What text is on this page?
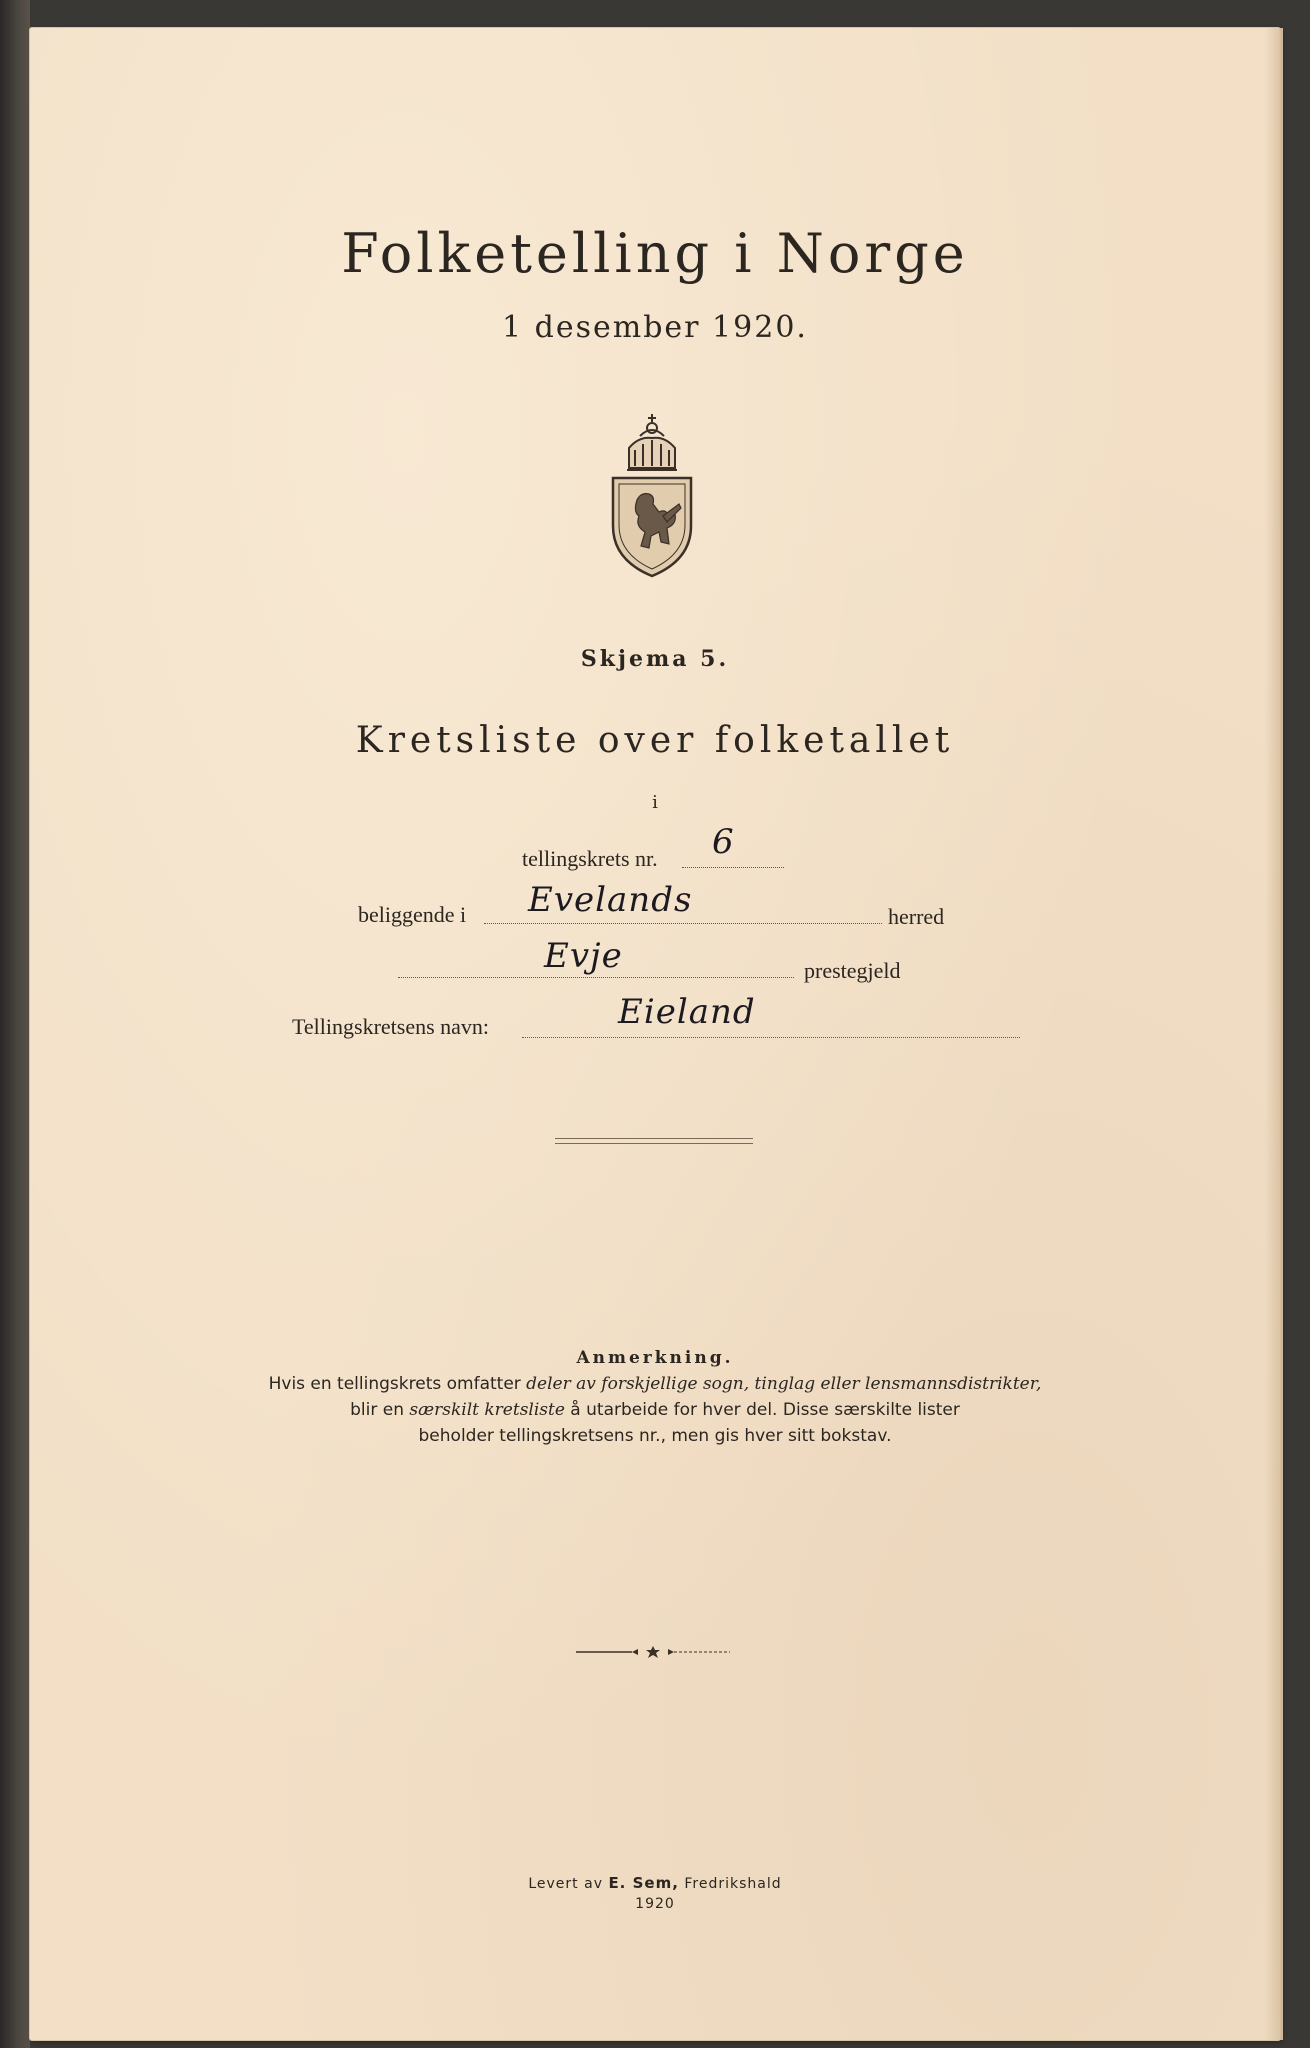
Folketelling i Norge
1 desember 1920.
Skjema 5.
Kretsliste over folketallet
i
tellingskrets nr. 6
beliggende i Evelands	herred
Evje	prestegjeld
Tellingskretsens navn:	Eieland
Anmerkning.
Hvis en tellingskrets omfatter deler av forskjellige sogn, tinglag eller lensmannsdistrikter,
blir en særskilt kretsliste å utarbeide for hver del. Disse særskilte lister
beholder tellingskretsens nr., men gis hver sitt bokstav.
Levert av E. Sem, Fredrikshald
1920
